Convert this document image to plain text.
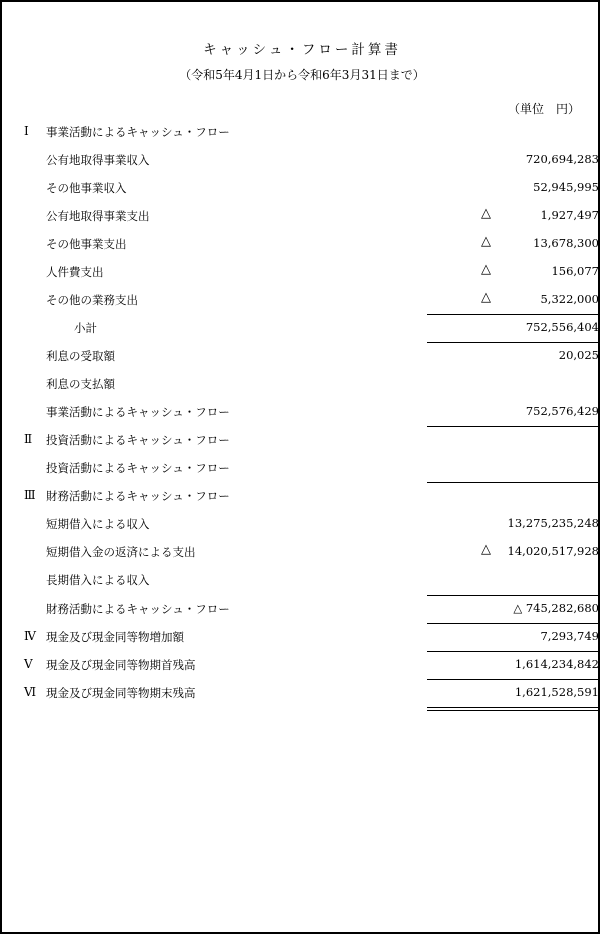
キャッシュ・フロー計算書
（令和5年4月1日から令和6年3月31日まで）
（単位　円）
Ⅰ 事業活動によるキャッシュ・フロー
公有地取得事業収入	720,694,283
その他事業収入	52,945,995
公有地取得事業支出	△	1,927,497
その他事業支出	△	13,678,300
人件費支出	△	156,077
その他の業務支出	△	5,322,000
小計	752,556,404
利息の受取額	20,025
利息の支払額
事業活動によるキャッシュ・フロー	752,576,429
Ⅱ 投資活動によるキャッシュ・フロー
投資活動によるキャッシュ・フロー
Ⅲ 財務活動によるキャッシュ・フロー
短期借入による収入	13,275,235,248
短期借入金の返済による支出	△ 14,020,517,928
長期借入による収入
財務活動によるキャッシュ・フロー	△ 745,282,680
Ⅳ 現金及び現金同等物増加額	7,293,749
Ⅴ 現金及び現金同等物期首残高	1,614,234,842
Ⅵ 現金及び現金同等物期末残高	1,621,528,591
